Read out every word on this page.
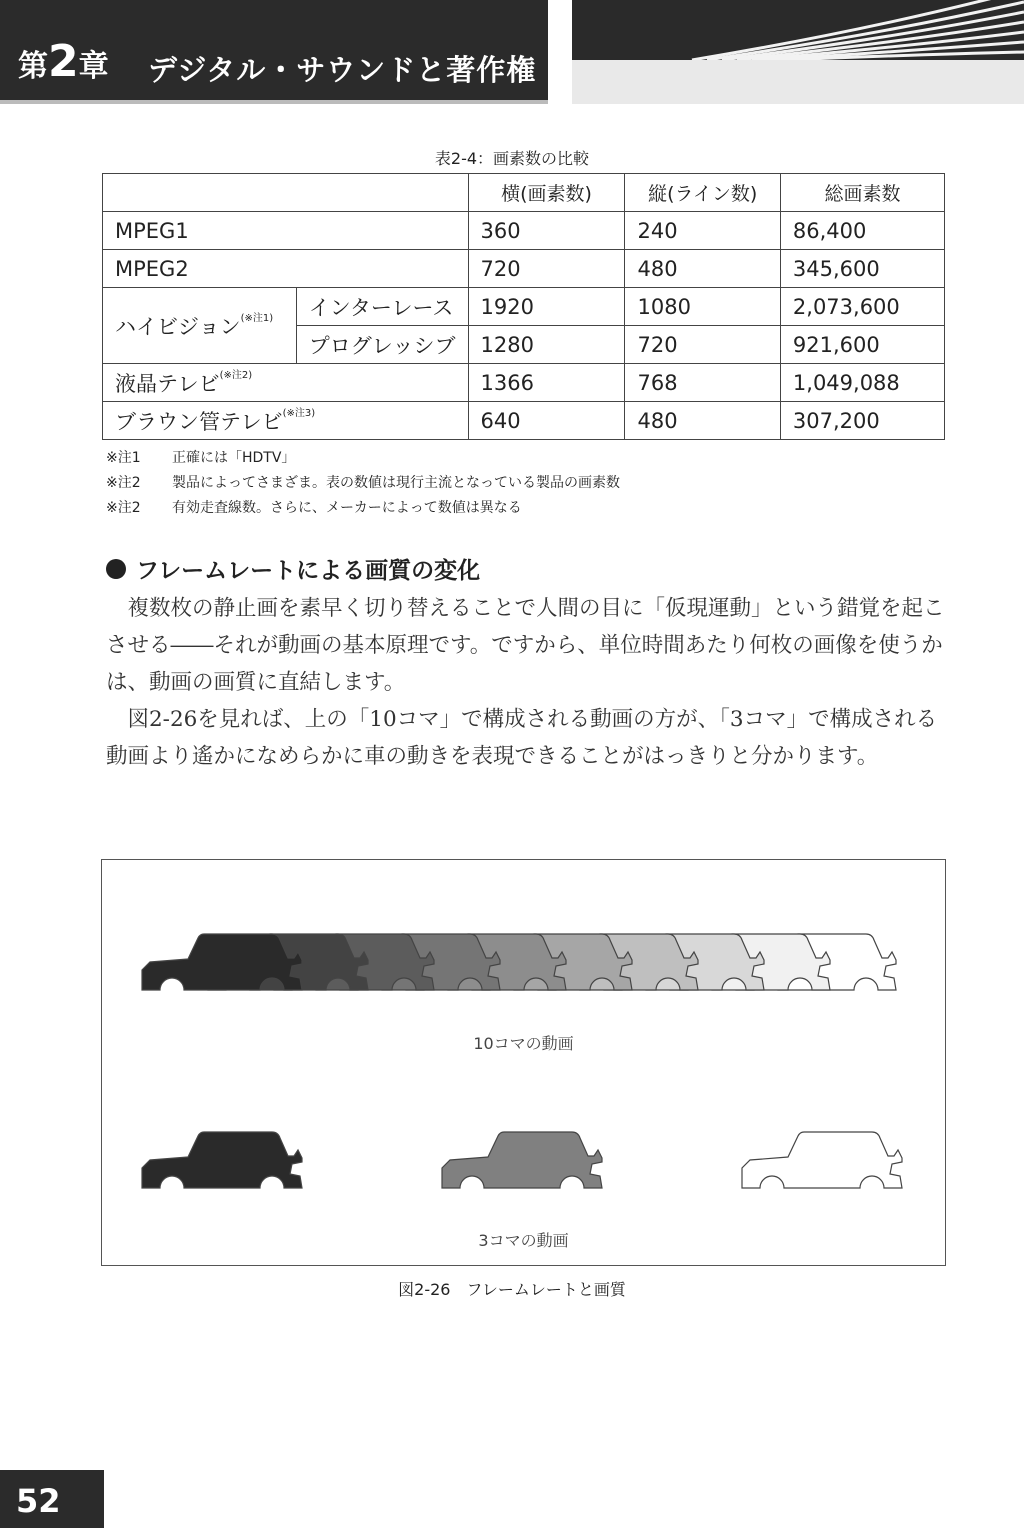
第2章 デジタル・サウンドと著作権
表2-4：画素数の比較
		横(画素数)	縦(ライン数)	総画素数
MPEG1		360	240	86,400
MPEG2		720	480	345,600
ハイビジョン$^{(※注1)}$	インターレース	1920	1080	2,073,600
	プログレッシブ	1280	720	921,600
液晶テレビ$^{(※注2)}$		1366	768	1,049,088
ブラウン管テレビ$^{(※注3)}$		640	480	307,200
※注1	正確には「HDTV」
※注2	製品によってさまざま。表の数値は現行主流となっている製品の画素数
※注2	有効走査線数。さらに、メーカーによって数値は異なる
フレームレートによる画質の変化

複数枚の静止画を素早く切り替えることで人間の目に「仮現運動」という錯覚を起こさせる――それが動画の基本原理です。ですから、単位時間あたり何枚の画像を使うかは、動画の画質に直結します。

図2-26を見れば、上の「10コマ」で構成される動画の方が、「3コマ」で構成される動画より遙かになめらかに車の動きを表現できることがはっきりと分かります。

10コマの動画
3コマの動画
図2-26　フレームレートと画質
52
